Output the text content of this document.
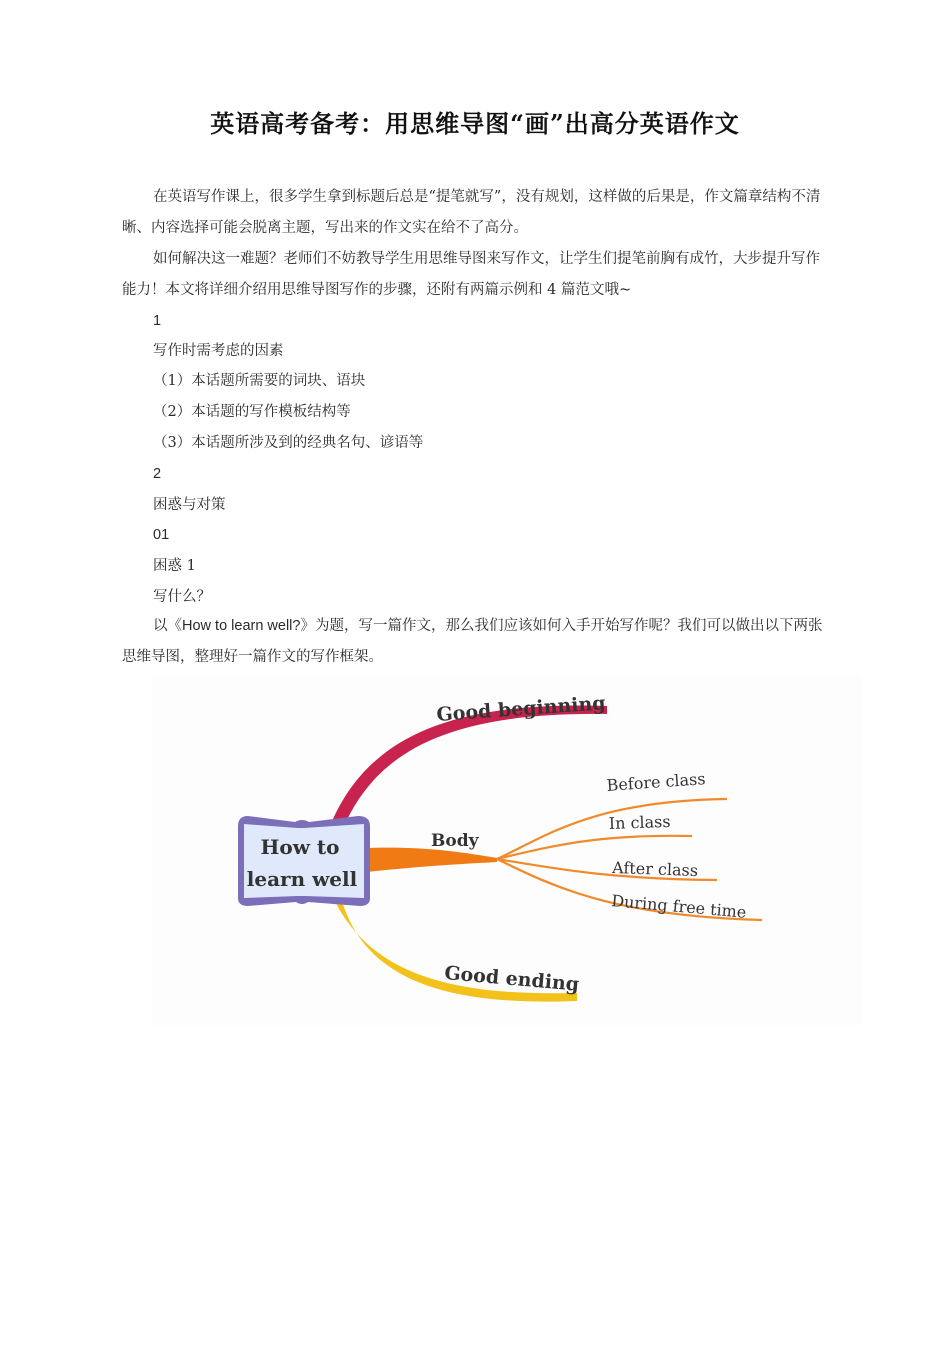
英语高考备考：用思维导图“画”出高分英语作文
在英语写作课上，很多学生拿到标题后总是“提笔就写”，没有规划，这样做的后果是，作文篇章结构不清晰、内容选择可能会脱离主题，写出来的作文实在给不了高分。
如何解决这一难题？老师们不妨教导学生用思维导图来写作文，让学生们提笔前胸有成竹，大步提升写作能力！本文将详细介绍用思维导图写作的步骤，还附有两篇示例和 4 篇范文哦~
1
写作时需考虑的因素
（1）本话题所需要的词块、语块
（2）本话题的写作模板结构等
（3）本话题所涉及到的经典名句、谚语等
2
困惑与对策
01
困惑 1
写什么？
以《How to learn well?》为题，写一篇作文，那么我们应该如何入手开始写作呢？我们可以做出以下两张思维导图，整理好一篇作文的写作框架。
How to
learn well
Good beginning
Body
Good ending
Before class
In class
After class
During free time
